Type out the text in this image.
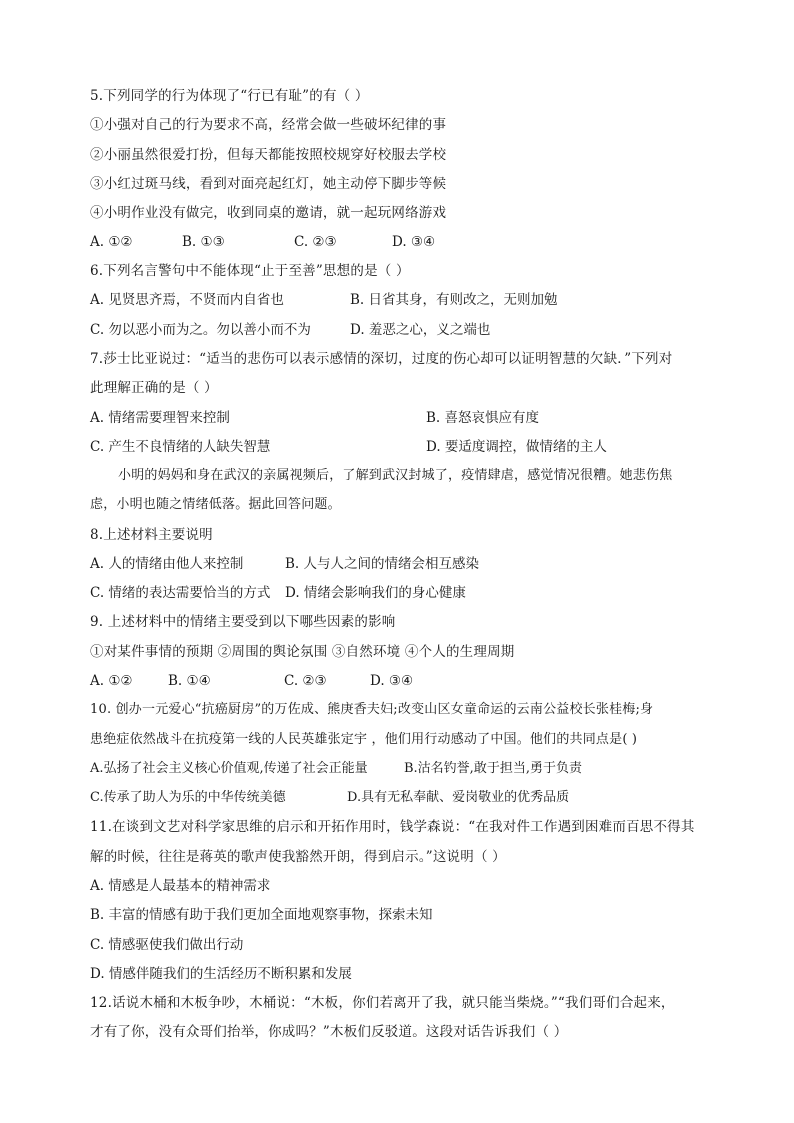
5.下列同学的行为体现了“行已有耻”的有（ ）
①小强对自己的行为要求不高，经常会做一些破坏纪律的事
②小丽虽然很爱打扮，但每天都能按照校规穿好校服去学校
③小红过斑马线，看到对面亮起红灯，她主动停下脚步等候
④小明作业没有做完，收到同桌的邀请，就一起玩网络游戏
A. ①②	B. ①③	C. ②③	D. ③④
6.下列名言警句中不能体现“止于至善”思想的是（ ）
A. 见贤思齐焉，不贤而内自省也	B. 日省其身，有则改之，无则加勉
C. 勿以恶小而为之。勿以善小而不为	D. 羞恶之心，义之端也
7.莎士比亚说过：“适当的悲伤可以表示感情的深切，过度的伤心却可以证明智慧的欠缺．”下列对
此理解正确的是（ ）
A. 情绪需要理智来控制	B. 喜怒哀惧应有度
C. 产生不良情绪的人缺失智慧	D. 要适度调控，做情绪的主人
小明的妈妈和身在武汉的亲属视频后，了解到武汉封城了，疫情肆虐，感觉情况很糟。她悲伤焦
虑，小明也随之情绪低落。据此回答问题。
8.上述材料主要说明
A. 人的情绪由他人来控制	B. 人与人之间的情绪会相互感染
C. 情绪的表达需要恰当的方式 D. 情绪会影响我们的身心健康
9. 上述材料中的情绪主要受到以下哪些因素的影响
①对某件事情的预期 ②周围的舆论氛围 ③自然环境 ④个人的生理周期
A. ①②	B. ①④	C. ②③	D. ③④
10. 创办一元爱心“抗癌厨房”的万佐成、熊庚香夫妇;改变山区女童命运的云南公益校长张桂梅;身
患绝症依然战斗在抗疫第一线的人民英雄张定宇 ，他们用行动感动了中国。他们的共同点是( )
A.弘扬了社会主义核心价值观,传递了社会正能量	B.沽名钓誉,敢于担当,勇于负责
C.传承了助人为乐的中华传统美德	D.具有无私奉献、爱岗敬业的优秀品质
11.在谈到文艺对科学家思维的启示和开拓作用时，钱学森说：“在我对件工作遇到困难而百思不得其
解的时候，往往是蒋英的歌声使我豁然开朗，得到启示。”这说明（ ）
A. 情感是人最基本的精神需求
B. 丰富的情感有助于我们更加全面地观察事物，探索未知
C. 情感驱使我们做出行动
D. 情感伴随我们的生活经历不断积累和发展
12.话说木桶和木板争吵，木桶说：“木板，你们若离开了我，就只能当柴烧。”“我们哥们合起来，
才有了你，没有众哥们抬举，你成吗？”木板们反驳道。这段对话告诉我们（ ）
